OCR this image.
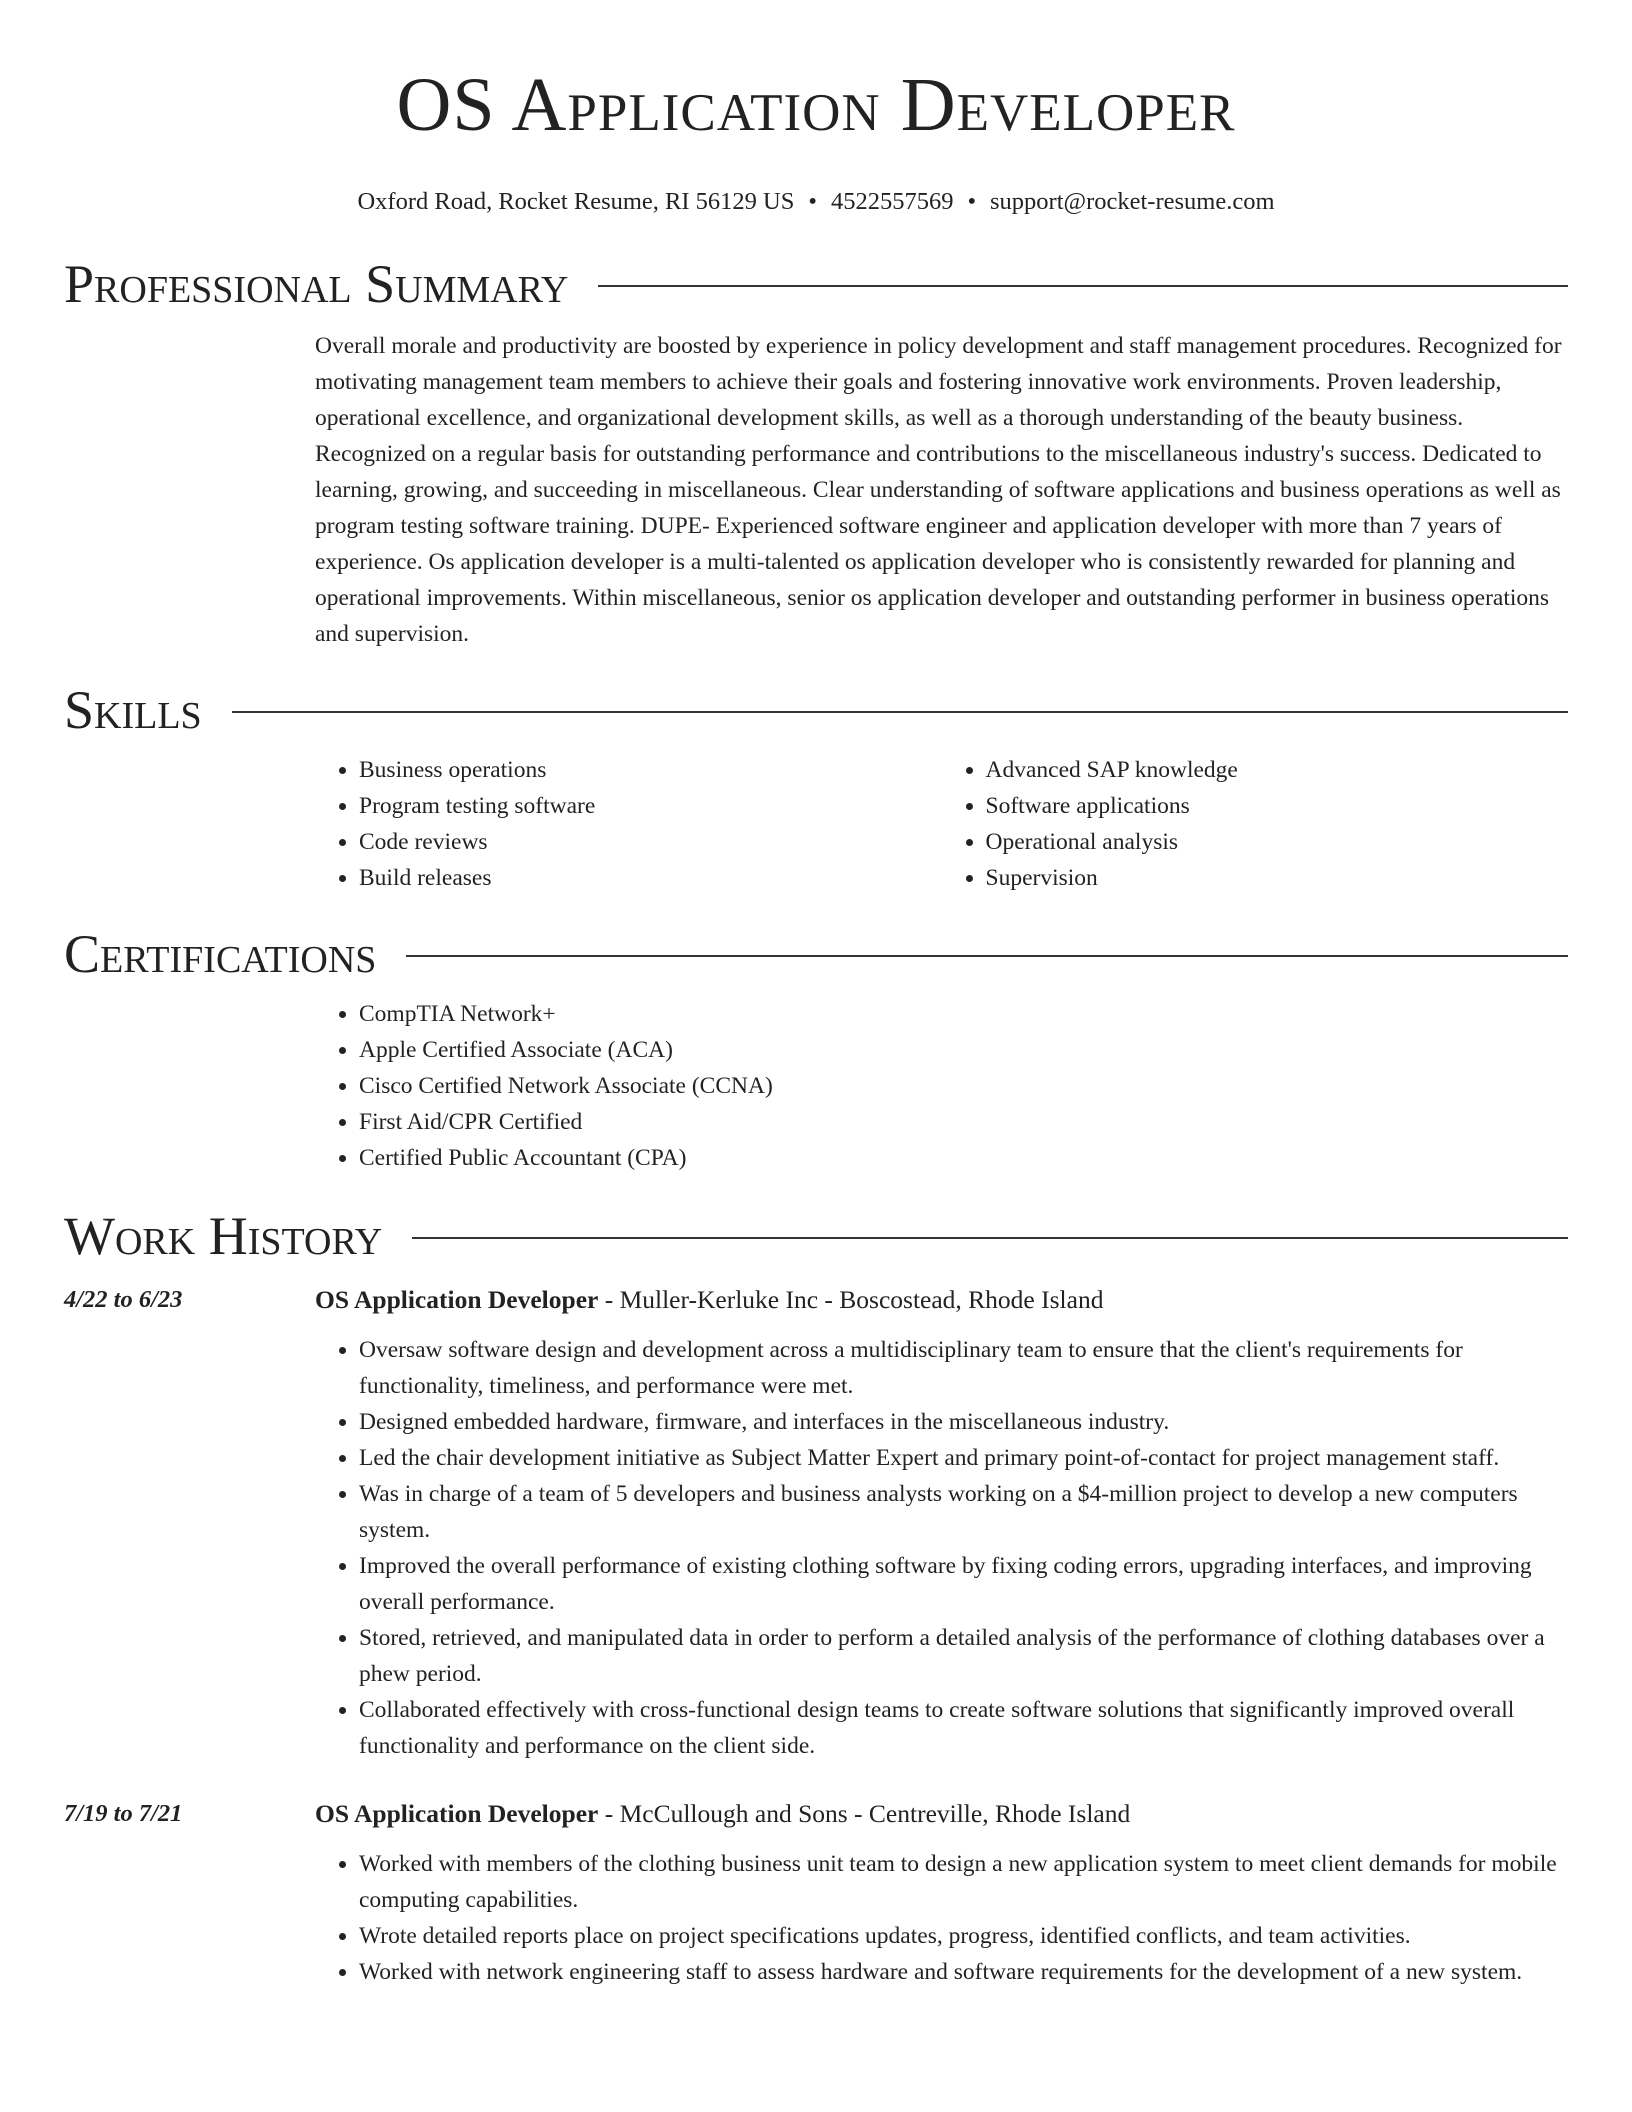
OS Application Developer
Oxford Road, Rocket Resume, RI 56129 US • 4522557569 • support@rocket-resume.com
Professional Summary

Overall morale and productivity are boosted by experience in policy development and staff management procedures. Recognized for motivating management team members to achieve their goals and fostering innovative work environments. Proven leadership, operational excellence, and organizational development skills, as well as a thorough understanding of the beauty business. Recognized on a regular basis for outstanding performance and contributions to the miscellaneous industry's success. Dedicated to learning, growing, and succeeding in miscellaneous. Clear understanding of software applications and business operations as well as program testing software training. DUPE- Experienced software engineer and application developer with more than 7 years of experience. Os application developer is a multi-talented os application developer who is consistently rewarded for planning and operational improvements. Within miscellaneous, senior os application developer and outstanding performer in business operations and supervision.

Skills
• Business operations
• Program testing software
• Code reviews
• Build releases
• Advanced SAP knowledge
• Software applications
• Operational analysis
• Supervision
Certifications
• CompTIA Network+
• Apple Certified Associate (ACA)
• Cisco Certified Network Associate (CCNA)
• First Aid/CPR Certified
• Certified Public Accountant (CPA)
Work History
4/22 to 6/23	OS Application Developer - Muller-Kerluke Inc - Boscostead, Rhode Island
• Oversaw software design and development across a multidisciplinary team to ensure that the client's requirements for functionality, timeliness, and performance were met.
• Designed embedded hardware, firmware, and interfaces in the miscellaneous industry.
• Led the chair development initiative as Subject Matter Expert and primary point-of-contact for project management staff.
• Was in charge of a team of 5 developers and business analysts working on a $4-million project to develop a new computers system.
• Improved the overall performance of existing clothing software by fixing coding errors, upgrading interfaces, and improving overall performance.
• Stored, retrieved, and manipulated data in order to perform a detailed analysis of the performance of clothing databases over a phew period.
• Collaborated effectively with cross-functional design teams to create software solutions that significantly improved overall functionality and performance on the client side.
7/19 to 7/21	OS Application Developer - McCullough and Sons - Centreville, Rhode Island
• Worked with members of the clothing business unit team to design a new application system to meet client demands for mobile computing capabilities.
• Wrote detailed reports place on project specifications updates, progress, identified conflicts, and team activities.
• Worked with network engineering staff to assess hardware and software requirements for the development of a new system.
